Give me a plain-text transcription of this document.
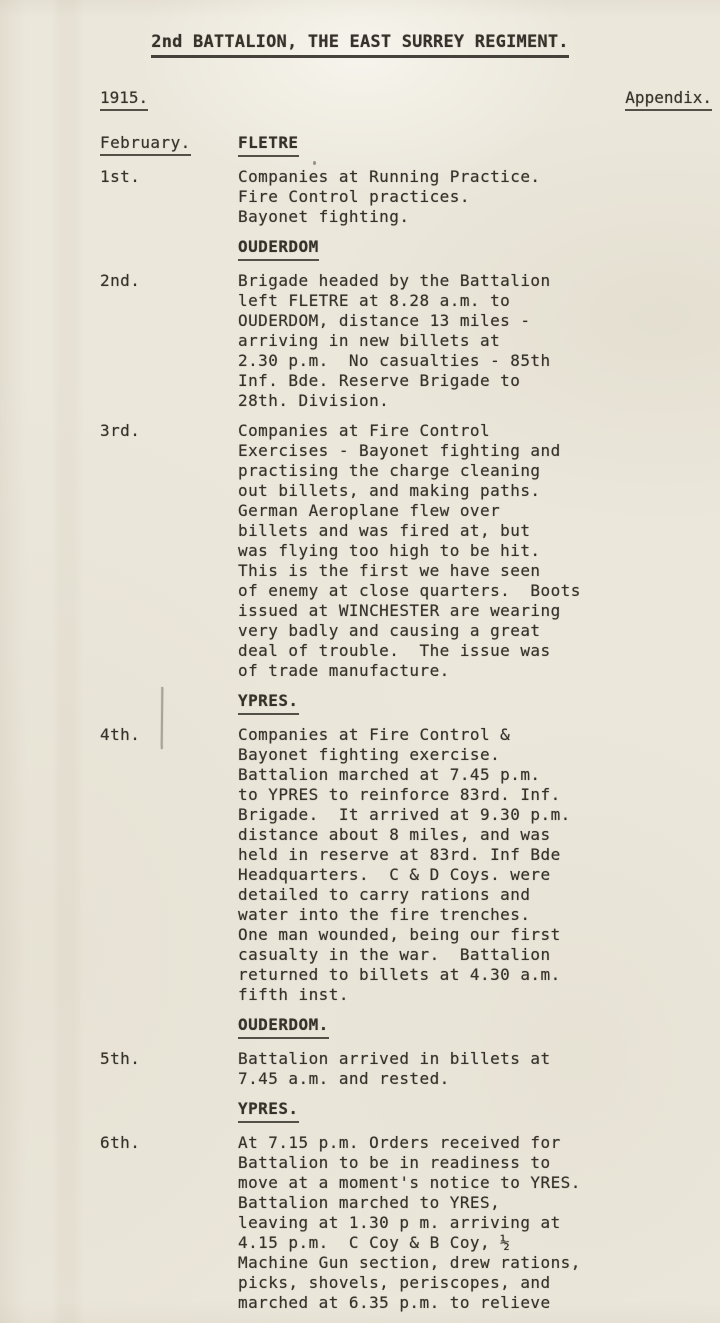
2nd BATTALION, THE EAST SURREY REGIMENT.
1915.	Appendix.
February.	FLETRE
1st.	Companies at Running Practice.
Fire Control practices.
Bayonet fighting.
OUDERDOM
2nd.	Brigade headed by the Battalion
left FLETRE at 8.28 a.m. to
OUDERDOM, distance 13 miles -
arriving in new billets at
2.30 p.m.  No casualties - 85th
Inf. Bde. Reserve Brigade to
28th. Division.
3rd.	Companies at Fire Control
Exercises - Bayonet fighting and
practising the charge cleaning
out billets, and making paths.
German Aeroplane flew over
billets and was fired at, but
was flying too high to be hit.
This is the first we have seen
of enemy at close quarters.  Boots
issued at WINCHESTER are wearing
very badly and causing a great
deal of trouble.  The issue was
of trade manufacture.
YPRES.
4th.	Companies at Fire Control &
Bayonet fighting exercise.
Battalion marched at 7.45 p.m.
to YPRES to reinforce 83rd. Inf.
Brigade.  It arrived at 9.30 p.m.
distance about 8 miles, and was
held in reserve at 83rd. Inf Bde
Headquarters.  C & D Coys. were
detailed to carry rations and
water into the fire trenches.
One man wounded, being our first
casualty in the war.  Battalion
returned to billets at 4.30 a.m.
fifth inst.
OUDERDOM.
5th.	Battalion arrived in billets at
7.45 a.m. and rested.
YPRES.
6th.	At 7.15 p.m. Orders received for
Battalion to be in readiness to
move at a moment's notice to YRES.
Battalion marched to YRES,
leaving at 1.30 p m. arriving at
4.15 p.m.  C Coy & B Coy, ½
Machine Gun section, drew rations,
picks, shovels, periscopes, and
marched at 6.35 p.m. to relieve
